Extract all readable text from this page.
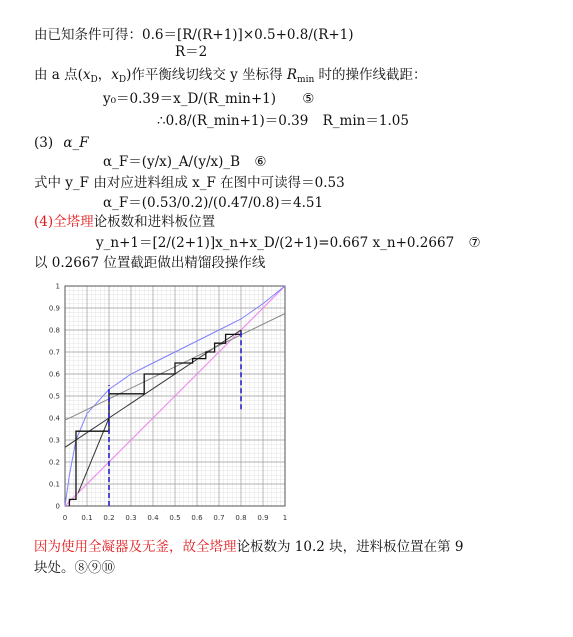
由已知条件可得：0.6＝[R/(R+1)]×0.5+0.8/(R+1)
R＝2
由 a 点($x_D$，$x_D$)作平衡线切线交 y 坐标得 $R_{min}$ 时的操作线截距：
y₀＝0.39＝x_D/(R_min+1) ⑤
∴0.8/(R_min+1)＝0.39 R_min＝1.05
(3) α_F
α_F＝(y/x)_A/(y/x)_B ⑥
式中 y_F 由对应进料组成 x_F 在图中可读得＝0.53
α_F＝(0.53/0.2)/(0.47/0.8)＝4.51
(4)全塔理论板数和进料板位置
y_n+1＝[2/(2+1)]x_n+x_D/(2+1)=0.667 x_n+0.2667 ⑦
以 0.2667 位置截距做出精馏段操作线
0 0.1 0.2 0.3 0.4 0.5 0.6 0.7 0.8 0.9 1
0
0.1
0.2
0.3
0.4
0.5
0.6
0.7
0.8
0.9
1
因为使用全凝器及无釜，故全塔理论板数为 10.2 块，进料板位置在第 9
块处。⑧⑨⑩
